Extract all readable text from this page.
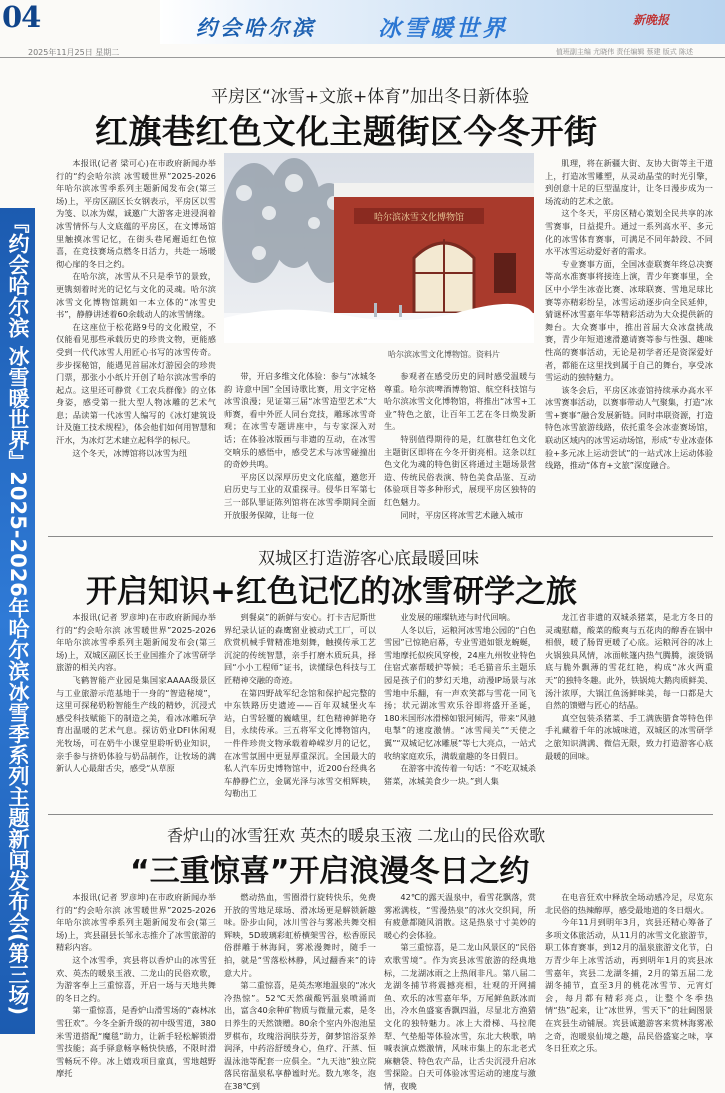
04	约会哈尔滨	冰雪暖世界	新晚报
2025年11月25日 星期二	值班副主编 尤晓伟 责任编辑 蔡建 版式 陈述
『约会哈尔滨 冰雪暖世界』2025-2026年哈尔滨冰雪季系列主题新闻发布会(第三场)
平房区“冰雪+文旅+体育”加出冬日新体验
红旗巷红色文化主题街区今冬开街

本报讯(记者 梁可心)在市政府新闻办举行的“约会哈尔滨 冰雪暖世界”2025-2026年哈尔滨冰雪季系列主题新闻发布会(第三场)上，平房区副区长女钢表示，平房区以雪为笺、以冰为媒，诚邀广大游客走进浸润着冰雪情怀与人文底蕴的平房区，在文博场馆里触摸冰雪记忆，在街头巷尾邂逅红色惊喜，在竞技赛场点燃冬日活力，共赴一场暖彻心扉的冬日之约。

在哈尔滨，冰雪从不只是季节的景致，更镌刻着时光的记忆与文化的灵魂。哈尔滨冰雪文化博物馆跳如一本立体的“冰雪史书”，静静讲述着60余载动人的冰雪情缘。

在这座位于松花路9号的文化殿堂，不仅能看见那些承载历史的珍贵文物，更能感受到一代代冰雪人用匠心书写的冰雪传奇。步步探秘馆，能遇见首届冰灯游园会的珍贵门票，那张小小纸片开创了哈尔滨冰雪季的起点。这里还可静赏《工农兵群像》的立体身姿，感受第一批大型人物冰雕的艺术气息；品读第一代冰雪人编写的《冰灯建筑设计及施工技术规程》，体会他们如何用智慧和汗水，为冰灯艺术建立起科学的标尺。

这个冬天，冰博馆将以冰雪为纽

哈尔滨冰雪文化博物馆
哈尔滨冰雪文化博物馆。资料片

带，开启多维文化体验：参与“冰城冬韵 诗意中国”全国诗歌比赛，用文字定格冰雪浪漫；见证第三届“冰雪造型艺术”大师赛，看中外匠人同台竞技，雕琢冰雪奇观；在冰雪专题讲座中，与专家深入对话；在体验冰版画与非遗的互动，在冰雪交响乐的感悟中，感受艺术与冰雪碰撞出的奇妙共鸣。

平房区以深厚历史文化底蕴，邀您开启历史与工业的双重探寻。侵华日军第七三一部队罪证陈列馆将在冰雪季期间全面开放服务保障，让每一位

参观者在感受历史的同时感受温暖与尊重。哈尔滨啤酒博物馆、航空科技馆与哈尔滨冰雪文化博物馆，将推出“冰雪+工业”特色之旅，让百年工艺在冬日焕发新生。

特别值得期待的是，红旗巷红色文化主题街区即将在今冬开街亮相。这条以红色文化为魂的特色街区将通过主题场景营造、传统民俗表演、特色美食品鉴、互动体验项目等多种形式，展现平房区独特的红色魅力。

同时，平房区将冰雪艺术融入城市

肌理，将在新疆大街、友协大街等主干道上，打造冰雪雕塑，从灵动晶莹的时光引擎，到创意十足的巨型温度计，让冬日漫步成为一场流动的艺术之旅。

这个冬天，平房区精心策划全民共享的冰雪赛事，日益提升。通过一系列高水平、多元化的冰雪体育赛事，可满足不同年龄段、不同水平冰雪运动爱好者的需求。

专业赛事方面，全国冰壶联赛年终总决赛等高水准赛事将接连上演，青少年赛事里，全区中小学生冰壶比赛、冰球联赛、雪地足球比赛等亦精彩纷呈，冰雪运动逐步向全民延伸，猜谜杯冰雪嘉年华等精彩活动为大众提供新的舞台。大众赛事中，推出首届大众冰盘挑战赛，青少年短道速滑邀请赛等参与性强、趣味性高的赛事活动，无论是初学者还是资深爱好者，都能在这里找到属于自己的舞台，享受冰雪运动的独特魅力。

该冬会后，平房区冰壶馆持续承办高水平冰雪赛事活动，以赛事带动人气聚集，打造“冰雪+赛事”融合发展新链。同时串联资源，打造特色冰雪旅游线路，依托重冬会冰壶赛场馆，联动区域内的冰雪运动场馆，形成“专业冰壶体验+多元冰上运动尝试”的一站式冰上运动体验线路，推动“体育+文旅”深度融合。

双城区打造游客心底最暖回味
开启知识+红色记忆的冰雪研学之旅

本报讯(记者 罗彦坤)在市政府新闻办举行的“约会哈尔滨 冰雪暖世界”2025-2026年哈尔滨冰雪季系列主题新闻发布会(第三场)上，双城区副区长王业国推介了冰雪研学旅游的相关内容。

飞鹤智能产业园是集国家AAAA级景区与工业旅游示范基地于一身的“智造秘境”，这里可探秘奶粉智能生产线的精妙，沉浸式感受科技赋能下的制造之美，看冰冰雕玩孕育出温暖的艺术气息。探访奶业DFI休闲观光牧场，可在奶牛小课堂里聆听奶业知识，亲手参与挤奶体验与奶品制作，让牧场的满新认人心最甜舌尖，感受“从草原

到餐桌”的新鲜与安心。打卡吉尼斯世界纪录认证的森鹰窗业被动式工厂，可以欣赏机械手臂精准地刻舞，触摸传承工艺沉淀的传统智慧，亲手打磨木质玩具，择回“小小工程师”证书，读懂绿色科技与工匠精神交融的奇迹。

在第四野战军纪念馆和保护起完整的中东铁路历史遗迹——百年双城堡火车站，白雪轻覆的巍峨里，红色精神鲜艳夺目，永续传承。三五将军文化博物馆内，一件件珍贵文物承载着峥嵘岁月的记忆，在冰雪氛围中更显厚重深沉。全国最大的私人汽车历史博物馆中，近200台经典名车静静伫立，金属光泽与冰雪交相辉映，勾勒出工

业发展的璀璨轨迹与时代回响。

人冬以后，运粮河冰雪地公园的“白色雪园”已惊艳启幕，专业雪道如银龙蜿蜒，雪地摩托似疾风穿梭，24座九州牧业特色住宿式寨帮暖护等候；毛毛猫音乐主题乐园是孩子们的梦幻天地，动漫IP场景与冰雪地中乐翻，有一声欢笑都与雪花一同飞扬；状元湖冰雪欢乐谷即将盛开圣诞，180米国形冰滑梯如银河倾泻，带来“风驰电掣”的速度激情。“冰雪闯关”“天使之翼”“双城记忆冰雕展”等七大亮点，一站式收纳家庭欢乐，满载童趣的冬日假日。

在游客中流传着一句话：“不吃双城杀猪菜，冰城美食少一块。”到人集

龙江省非遗的双城杀猪菜，是北方冬日的灵魂慰藉，酸菜的酸爽与五花肉的醇香在锅中相偎，暖了肠胃更暖了心底。运粮河谷的冰上火锅独具风情，冰面帐篷内热气腾腾，滚烫锅底与脆外飘薄的雪花红艳，构成“冰火两重天”的独特冬趣。此外，铁锅炖大鹅肉质鲜美、汤汁浓厚，大锅江鱼汤鲜味美，每一口都是大自然的馈赠与匠心的结晶。

真空包装杀猪菜、手工满族腊食等特色伴手礼藏着千年的冰城味道，双城区的冰雪研学之旅知识满满、微信无限，致力打造游客心底最暖的回味。

香炉山的冰雪狂欢 英杰的暖泉玉液 二龙山的民俗欢歌
“三重惊喜”开启浪漫冬日之约

本报讯(记者 罗彦坤)在市政府新闻办举行的“约会哈尔滨 冰雪暖世界”2025-2026年哈尔滨冰雪季系列主题新闻发布会(第三场)上，宾县副县长邹永志推介了冰雪旅游的精彩内容。

这个冰雪季，宾县将以香炉山的冰雪狂欢、英杰的暖泉玉液、二龙山的民俗欢歌，为游客奉上三重惊喜，开启一场与天地共舞的冬日之约。

第一重惊喜，是香炉山滑雪场的“森林冰雪狂欢”。今冬全新升级的初中级雪道，380米雪道搭配“魔毯”助力，让新手轻松解锁滑雪技能；高手驿意畅享畅快快感，不限时滑雪畅玩不停。冰上嬉戏项目童真，雪地越野摩托

燃动热血，雪圈滑行旋转快乐，免费开放的雪地足球场、滑冰场更是解锁新趣味。卧步山间，冰川雪谷与雾凇共舞交相辉映，5D玻璃彩虹桥横架雪谷，松香原民俗群雕于林海间，雾凇漫舞时，随手一拍，就是“雪落松林静，风过翻香来”的诗意大片。

第二重惊喜，是英杰寒地温泉的“冰火冷热惊”。52℃天然碳酸钙温泉喷涌而出，富含40余种矿物质与微量元素，是冬日养生的天然馈赠。80余个室内外泡池星罗棋布，玫瑰浴润肤芬芳，御梦馆浴泵养润泽，中药浴舒缓身心，鱼疗、汗蒸、恒温泳池等配套一应俱全。“九天池”独立院落民宿温泉私享静谧时光。数九寒冬，泡在38℃到

42℃的露天温泉中，看雪花飘落，赏雾凇满枝，“雪漫热泉”的冰火交织间，所有疲惫都随风消散。这是热泉寸寸美妙的暖心约会体验。

第三重惊喜，是二龙山风景区的“民俗欢歌雪境”。作为宾县冰雪旅游的经典地标，二龙湖冰雨之上热闹非凡。第八届二龙湖冬捕节将震撼亮相，壮观的开网捕鱼、欢乐的冰雪嘉年华，万尾鲜鱼跃冰而出，冷水鱼盛宴香飘四溢，尽显北方渔猎文化的独特魅力。冰上大滑梯、马拉爬犁、气垫船等体验冰雪，东北大秧歌，呐喊表演点燃激情，风味市集上的东北老式麻糖袋、特色农产品，让舌尖沉浸升启冰雪探险。白天可体验冰雪运动的速度与激情，夜晚

在电音狂欢中释放全场动感冷足，尽览东北民俗的热辣醇厚，感受最地道的冬日烟火。

今年11月到明年3月，宾县还精心筹备了多项文体旅活动，从11月的冰雪文化旅游节，职工体育赛事，到12月的温泉旅游文化节，白万青少年上冰雪活动，再到明年1月的宾县冰雪嘉年，宾县二龙湖冬捕，2月的第五届二龙湖冬捕节，直至3月的桃花冰雪节、元宵灯会，每月都有精彩亮点，让整个冬季热情“热”起来，让“冰世界，雪天下”的壮阔图景在宾县生动铺展。宾县诚邀游客来赏林海雾凇之奇，泡暖泉仙境之趣，品民俗盛宴之味，享冬日狂欢之乐。
